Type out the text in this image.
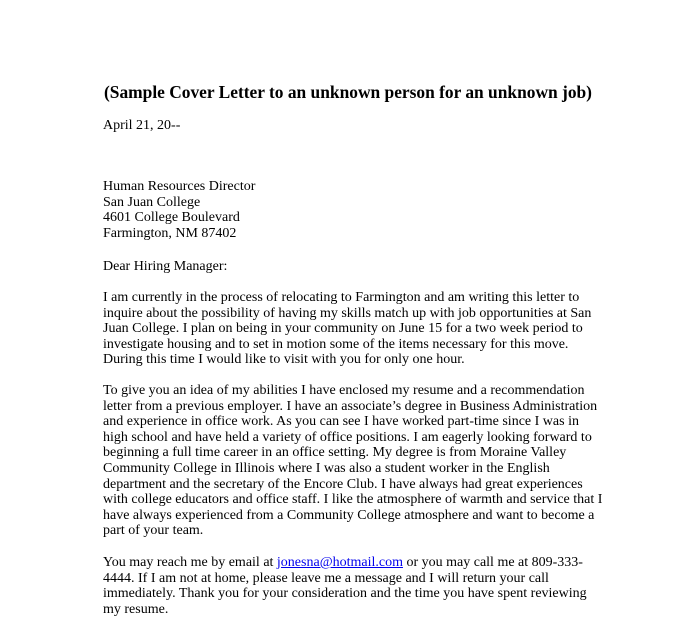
(Sample Cover Letter to an unknown person for an unknown job)
April 21, 20--
Human Resources Director
San Juan College
4601 College Boulevard
Farmington, NM 87402
Dear Hiring Manager:
I am currently in the process of relocating to Farmington and am writing this letter to
inquire about the possibility of having my skills match up with job opportunities at San
Juan College. I plan on being in your community on June 15 for a two week period to
investigate housing and to set in motion some of the items necessary for this move.
During this time I would like to visit with you for only one hour.
To give you an idea of my abilities I have enclosed my resume and a recommendation
letter from a previous employer. I have an associate’s degree in Business Administration
and experience in office work. As you can see I have worked part-time since I was in
high school and have held a variety of office positions. I am eagerly looking forward to
beginning a full time career in an office setting. My degree is from Moraine Valley
Community College in Illinois where I was also a student worker in the English
department and the secretary of the Encore Club. I have always had great experiences
with college educators and office staff. I like the atmosphere of warmth and service that I
have always experienced from a Community College atmosphere and want to become a
part of your team.
You may reach me by email at jonesna@hotmail.com or you may call me at 809-333-
4444. If I am not at home, please leave me a message and I will return your call
immediately. Thank you for your consideration and the time you have spent reviewing
my resume.
